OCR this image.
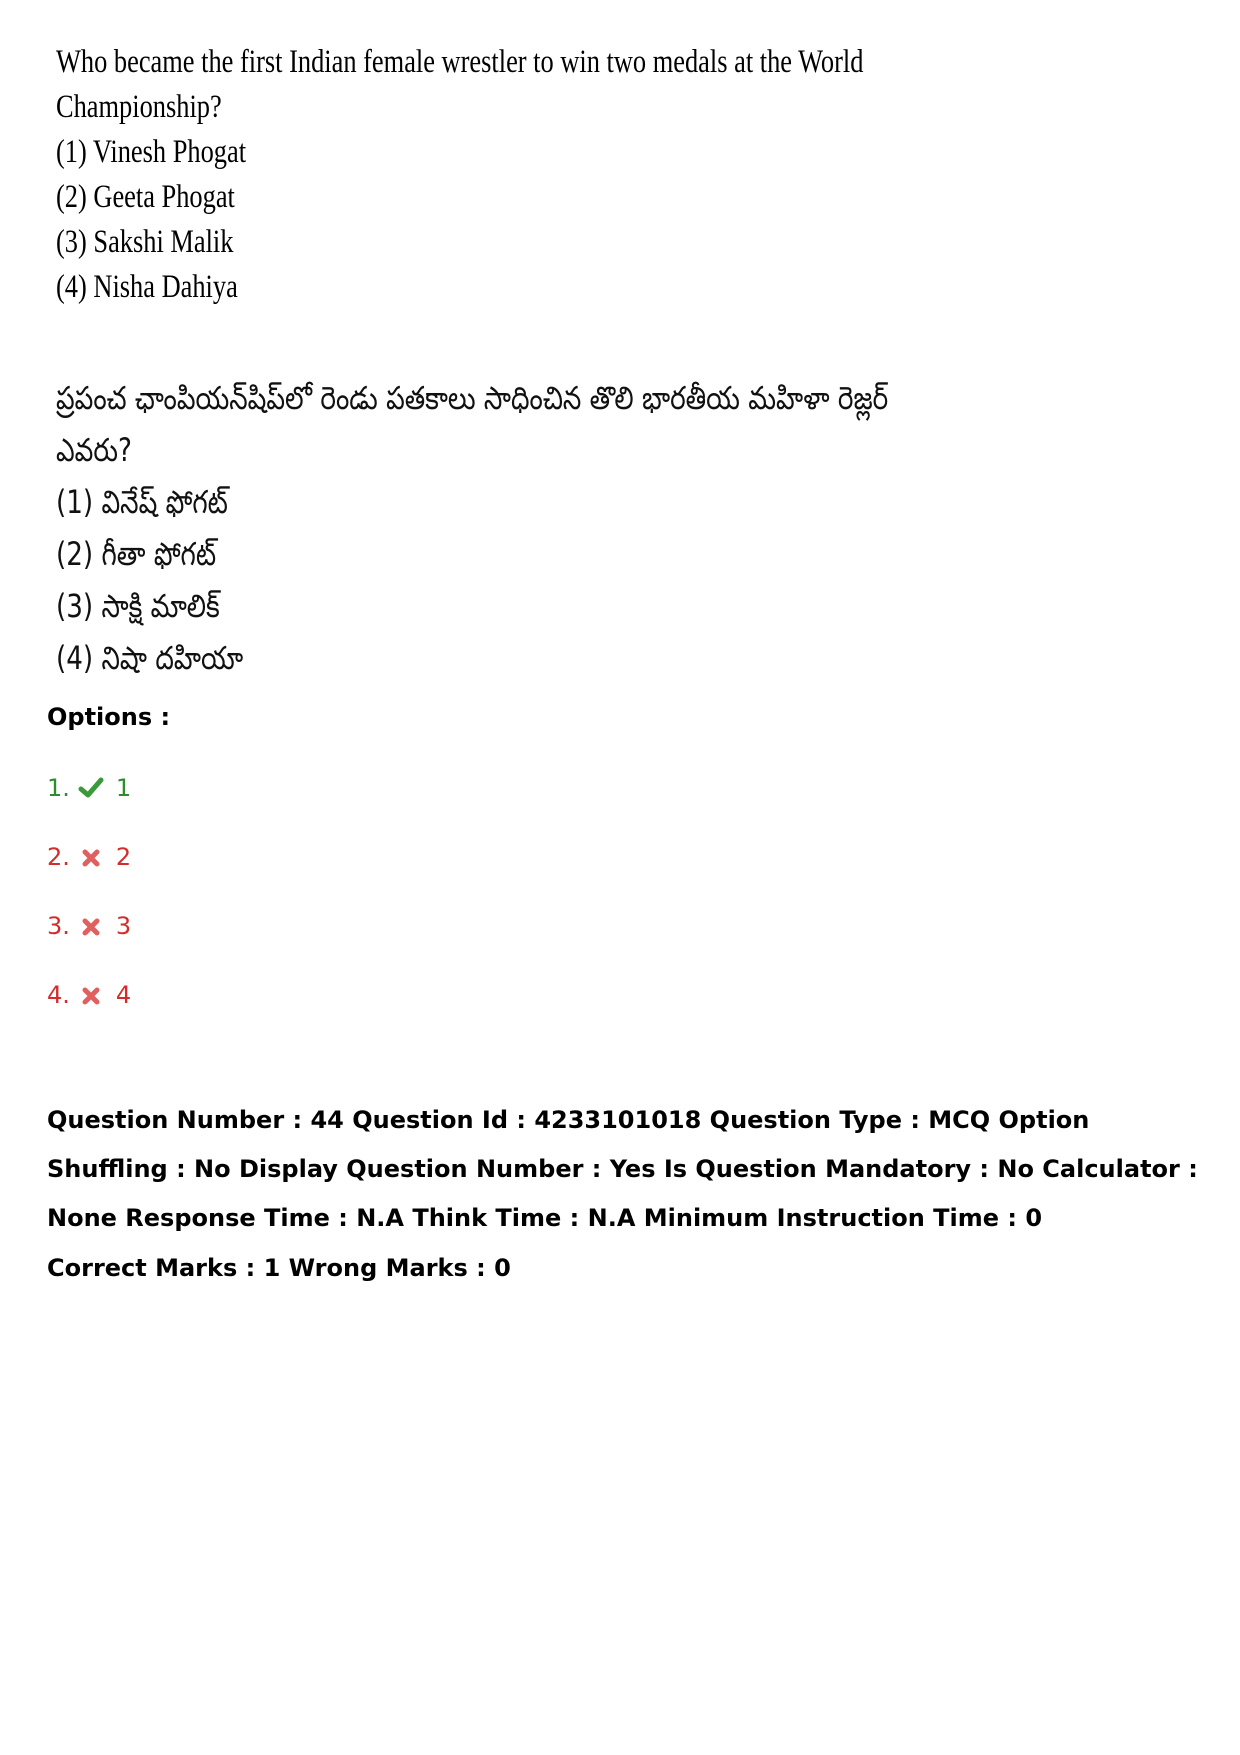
Who became the first Indian female wrestler to win two medals at the World
Championship?
(1) Vinesh Phogat
(2) Geeta Phogat
(3) Sakshi Malik
(4) Nisha Dahiya
ప్రపంచ ఛాంపియన్‌షిప్‌లో రెండు పతకాలు సాధించిన తొలి భారతీయ మహిళా రెజ్లర్
ఎవరు?
(1) వినేష్ ఫోగట్
(2) గీతా ఫోగట్
(3) సాక్షి మాలిక్
(4) నిషా దహియా
Options :
1. 1
2. 2
3. 3
4. 4
Question Number : 44 Question Id : 4233101018 Question Type : MCQ Option Shuffling : No Display Question Number : Yes Is Question Mandatory : No Calculator : None Response Time : N.A Think Time : N.A Minimum Instruction Time : 0
Correct Marks : 1 Wrong Marks : 0
